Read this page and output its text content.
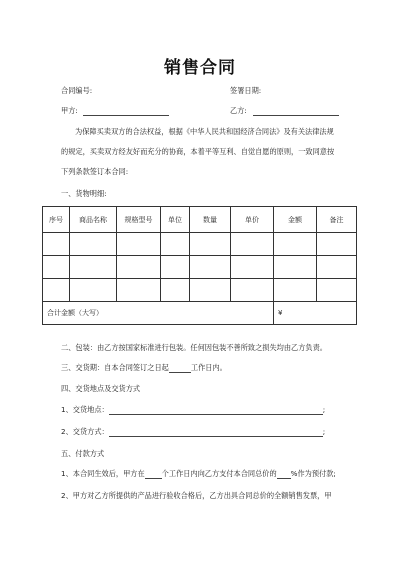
销售合同
合同编号:	签署日期:
甲方:	乙方:
为保障买卖双方的合法权益，根据《中华人民共和国经济合同法》及有关法律法规
的规定，买卖双方经友好而充分的协商，本着平等互利、自觉自愿的原则，一致同意按
下列条款签订本合同:
一、货物明细:
序号	商品名称	规格型号	单位	数量	单价	金额	备注

合计金额（大写）						¥	
二、包装：由乙方按国家标准进行包装。任何因包装不善所致之损失均由乙方负责。
三、交货期：自本合同签订之日起	工作日内。
四、交货地点及交货方式
1、交货地点：	;
2、交货方式：	;
五、付款方式
1、本合同生效后，甲方在 个工作日内向乙方支付本合同总价的 %作为预付款;
2、甲方对乙方所提供的产品进行验收合格后，乙方出具合同总价的全额销售发票，甲
